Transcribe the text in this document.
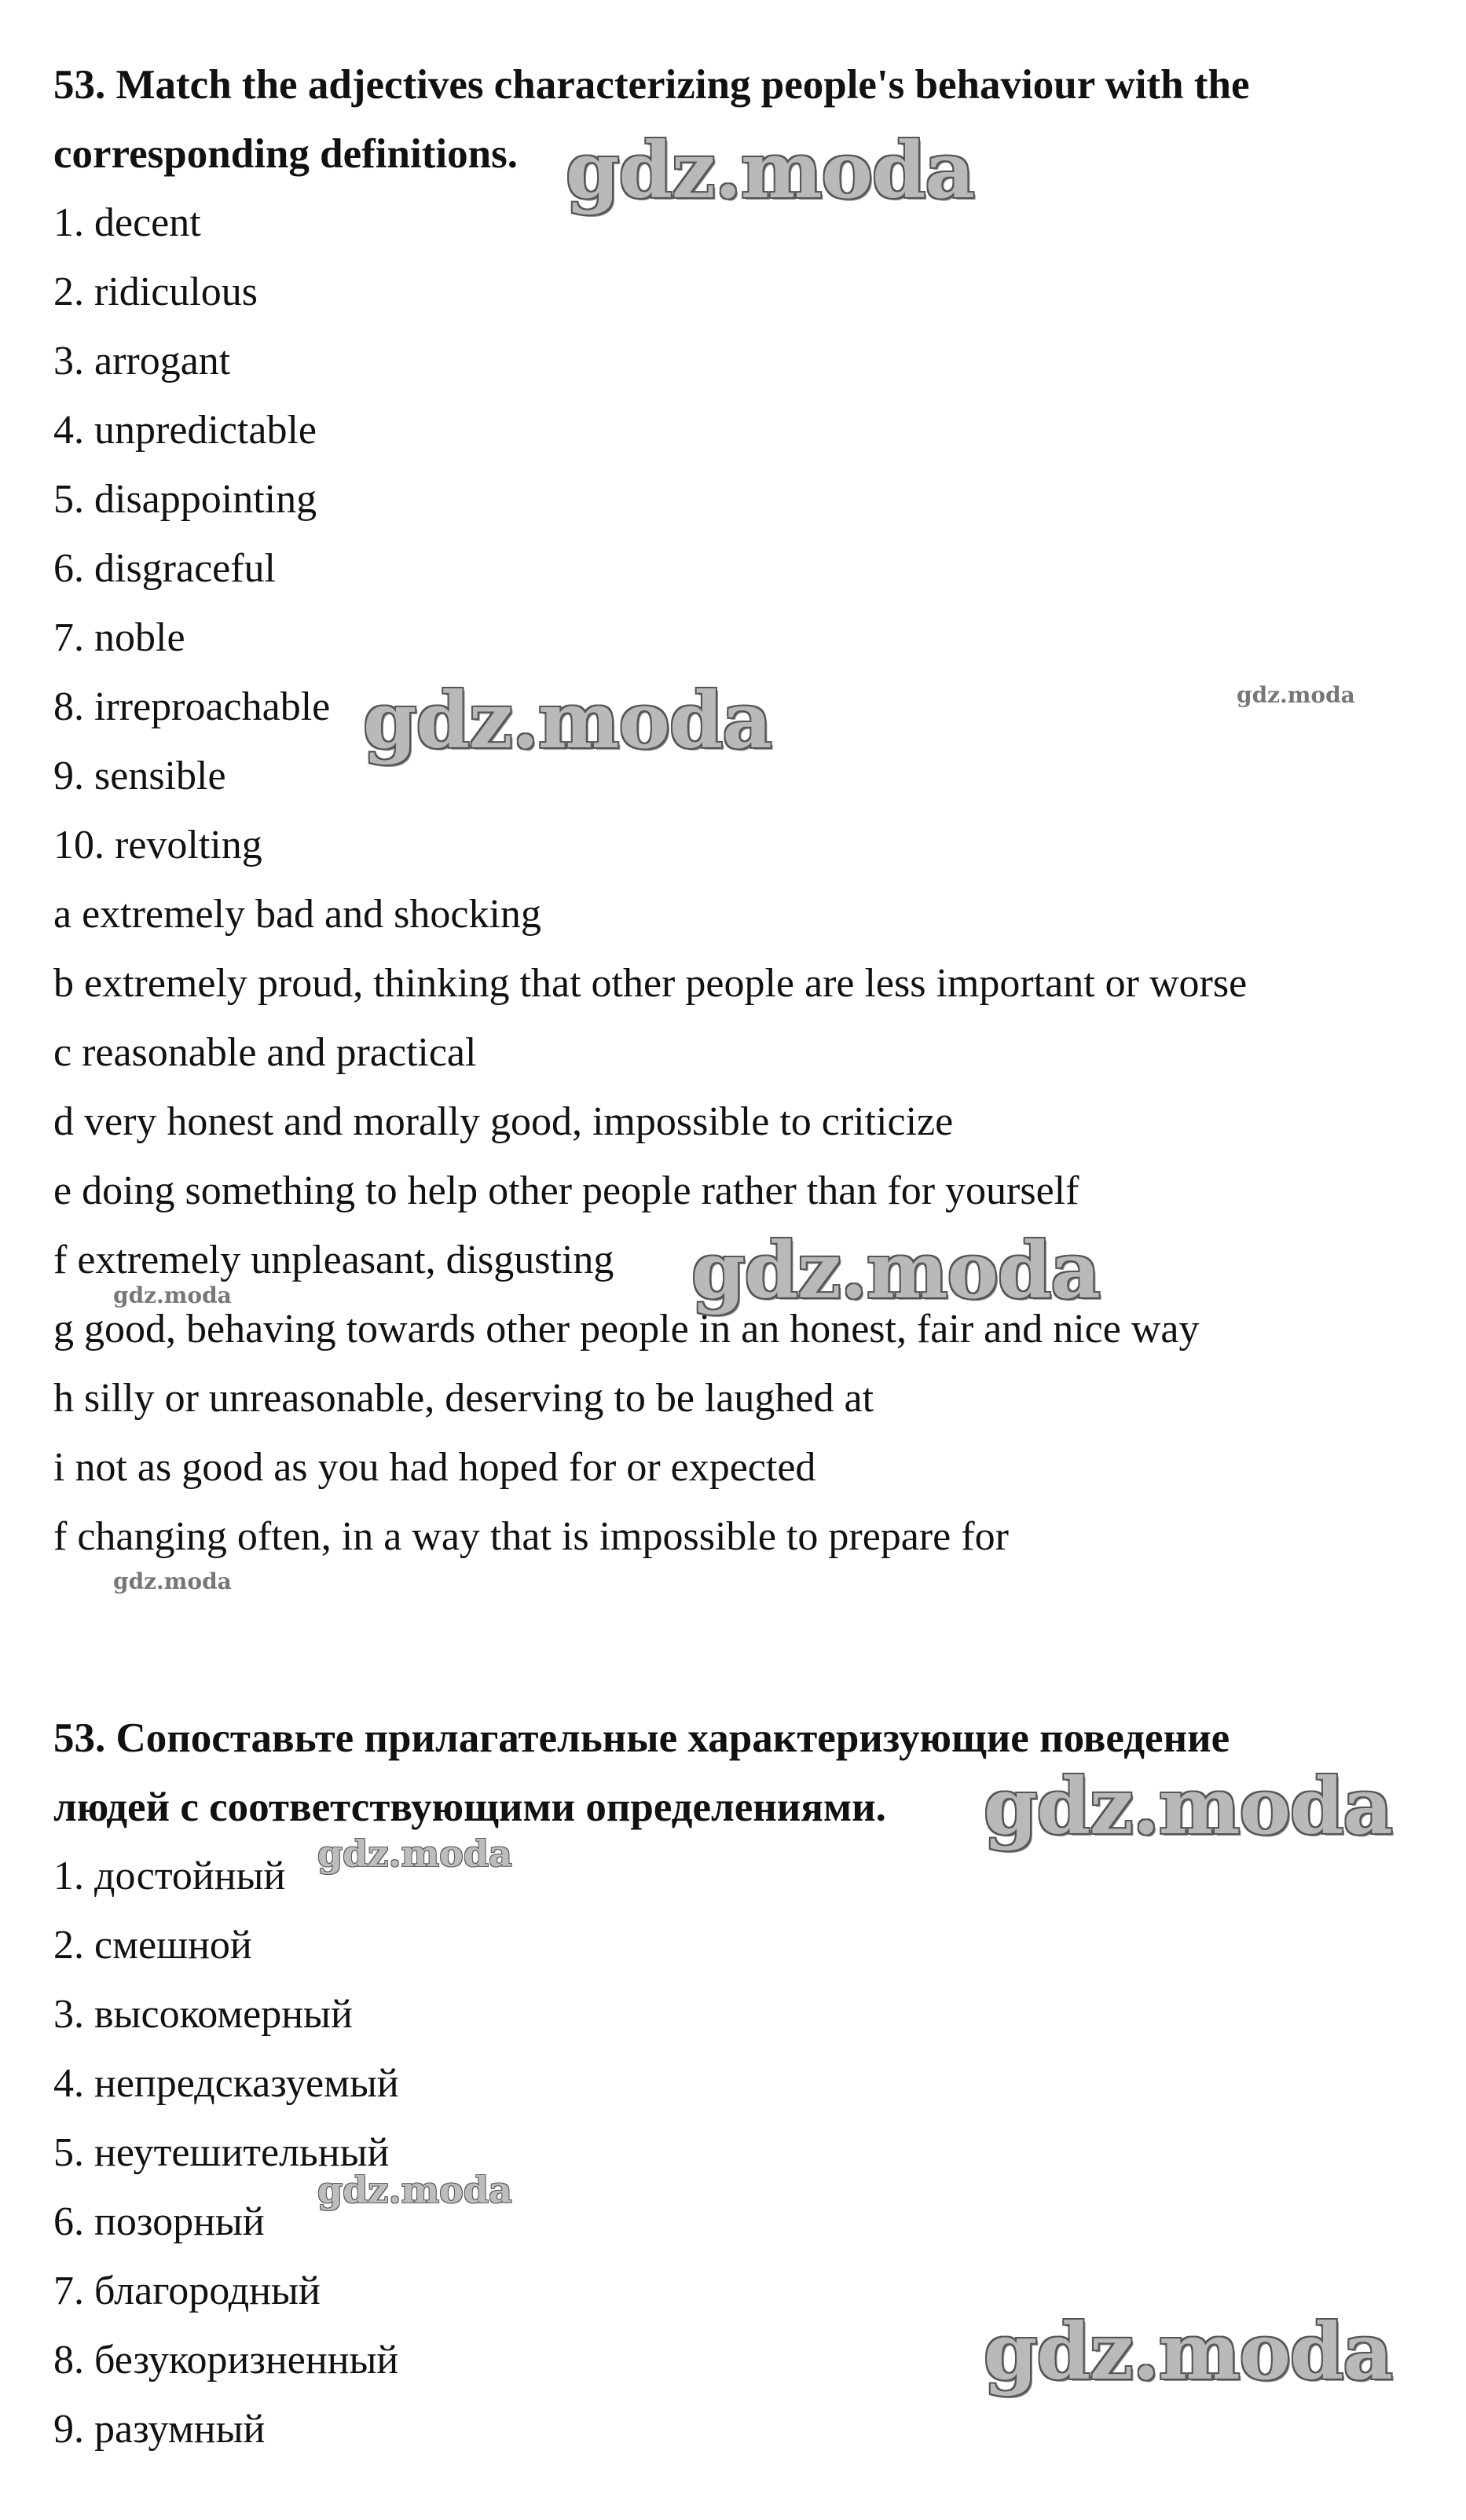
53. Match the adjectives characterizing people's behaviour with the
corresponding definitions.
1. decent
2. ridiculous
3. arrogant
4. unpredictable
5. disappointing
6. disgraceful
7. noble
8. irreproachable
9. sensible
10. revolting
a extremely bad and shocking
b extremely proud, thinking that other people are less important or worse
c reasonable and practical
d very honest and morally good, impossible to criticize
e doing something to help other people rather than for yourself
f extremely unpleasant, disgusting
g good, behaving towards other people in an honest, fair and nice way
h silly or unreasonable, deserving to be laughed at
i not as good as you had hoped for or expected
f changing often, in a way that is impossible to prepare for
53. Сопоставьте прилагательные характеризующие поведение
людей с соответствующими определениями.
1. достойный
2. смешной
3. высокомерный
4. непредсказуемый
5. неутешительный
6. позорный
7. благородный
8. безукоризненный
9. разумный
gdz.moda
gdz.moda	gdz.moda
gdz.moda
gdz.moda
gdz.moda
gdz.moda
gdz.moda
gdz.moda
gdz.moda
